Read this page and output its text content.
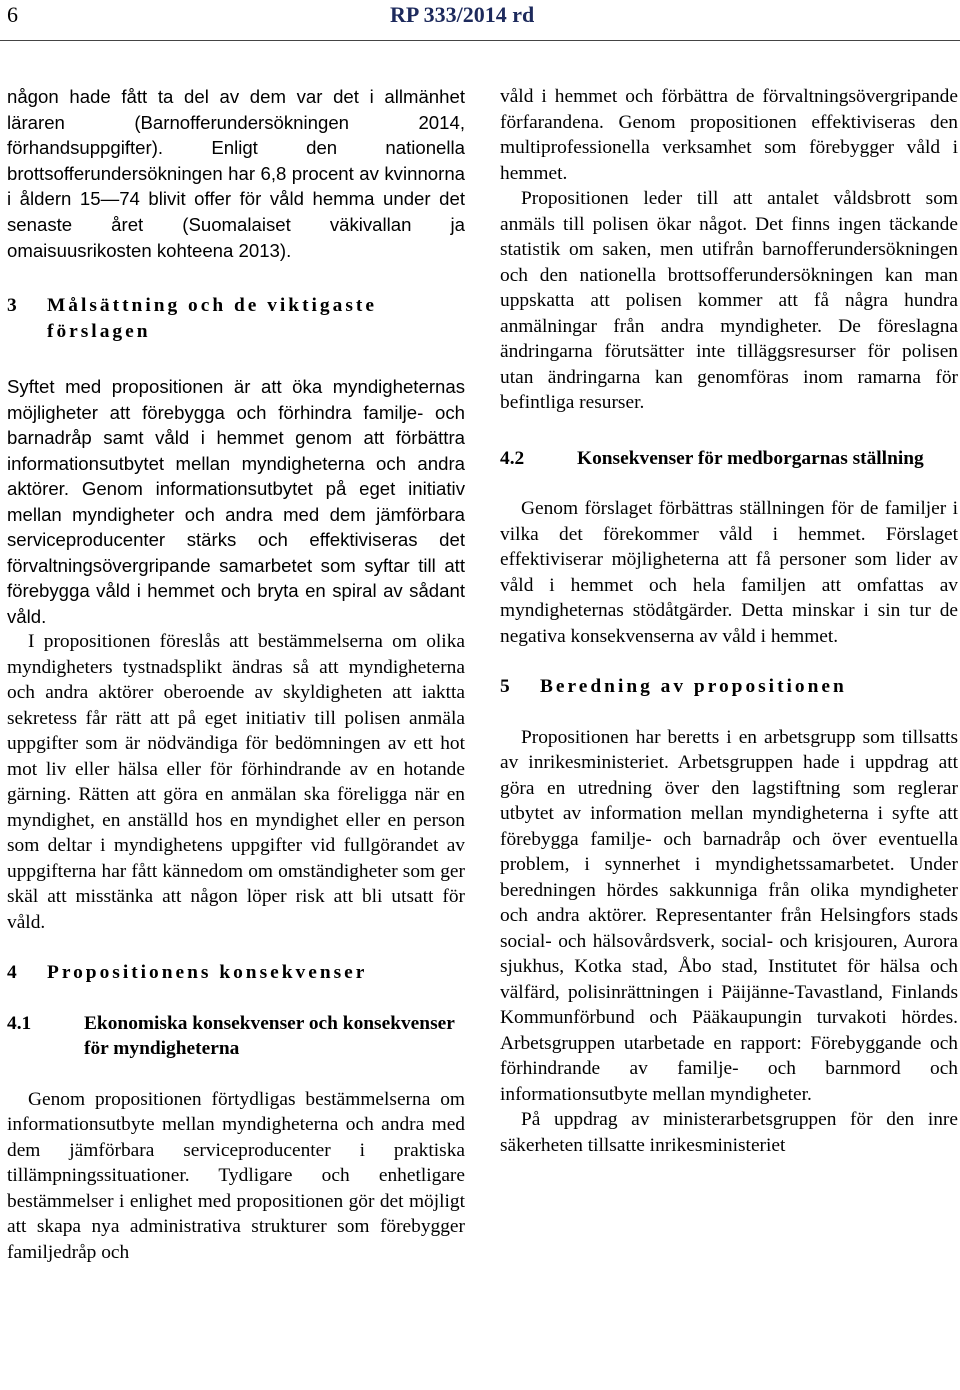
6	RP 333/2014 rd

någon hade fått ta del av dem var det i allmänhet läraren (Barnofferundersökningen 2014, förhandsuppgifter). Enligt den nationella brottsofferundersökningen har 6,8 procent av kvinnorna i åldern 15—74 blivit offer för våld hemma under det senaste året (Suomalaiset väkivallan ja omaisuusrikosten kohteena 2013).

3	Målsättning och de viktigaste förslagen

Syftet med propositionen är att öka myndigheternas möjligheter att förebygga och förhindra familje- och barnadråp samt våld i hemmet genom att förbättra informationsutbytet mellan myndigheterna och andra aktörer. Genom informationsutbytet på eget initiativ mellan myndigheter och andra med dem jämförbara serviceproducenter stärks och effektiviseras det förvaltningsövergripande samarbetet som syftar till att förebygga våld i hemmet och bryta en spiral av sådant våld.

I propositionen föreslås att bestämmelserna om olika myndigheters tystnadsplikt ändras så att myndigheterna och andra aktörer oberoende av skyldigheten att iaktta sekretess får rätt att på eget initiativ till polisen anmäla uppgifter som är nödvändiga för bedömningen av ett hot mot liv eller hälsa eller för förhindrande av en hotande gärning. Rätten att göra en anmälan ska föreligga när en myndighet, en anställd hos en myndighet eller en person som deltar i myndighetens uppgifter vid fullgörandet av uppgifterna har fått kännedom om omständigheter som ger skäl att misstänka att någon löper risk att bli utsatt för våld.

4	Propositionens konsekvenser
4.1	Ekonomiska konsekvenser och konsekvenser för myndigheterna

Genom propositionen förtydligas bestämmelserna om informationsutbyte mellan myndigheterna och andra med dem jämförbara serviceproducenter i praktiska tillämpningssituationer. Tydligare och enhetligare bestämmelser i enlighet med propositionen gör det möjligt att skapa nya administrativa strukturer som förebygger familjedråp och

våld i hemmet och förbättra de förvaltningsövergripande förfarandena. Genom propositionen effektiviseras den multiprofessionella verksamhet som förebygger våld i hemmet.

Propositionen leder till att antalet våldsbrott som anmäls till polisen ökar något. Det finns ingen täckande statistik om saken, men utifrån barnofferundersökningen och den nationella brottsofferundersökningen kan man uppskatta att polisen kommer att få några hundra anmälningar från andra myndigheter. De föreslagna ändringarna förutsätter inte tilläggsresurser för polisen utan ändringarna kan genomföras inom ramarna för befintliga resurser.

4.2	Konsekvenser för medborgarnas ställning

Genom förslaget förbättras ställningen för de familjer i vilka det förekommer våld i hemmet. Förslaget effektiviserar möjligheterna att få personer som lider av våld i hemmet och hela familjen att omfattas av myndigheternas stödåtgärder. Detta minskar i sin tur de negativa konsekvenserna av våld i hemmet.

5	Beredning av propositionen

Propositionen har beretts i en arbetsgrupp som tillsatts av inrikesministeriet. Arbetsgruppen hade i uppdrag att göra en utredning över den lagstiftning som reglerar utbytet av information mellan myndigheterna i syfte att förebygga familje- och barnadråp och över eventuella problem, i synnerhet i myndighetssamarbetet. Under beredningen hördes sakkunniga från olika myndigheter och andra aktörer. Representanter från Helsingfors stads social- och hälsovårdsverk, social- och krisjouren, Aurora sjukhus, Kotka stad, Åbo stad, Institutet för hälsa och välfärd, polisinrättningen i Päijänne-Tavastland, Finlands Kommunförbund och Pääkaupungin turvakoti hördes. Arbetsgruppen utarbetade en rapport: Förebyggande och förhindrande av familje- och barnmord och informationsutbyte mellan myndigheter.

På uppdrag av ministerarbetsgruppen för den inre säkerheten tillsatte inrikesministeriet
